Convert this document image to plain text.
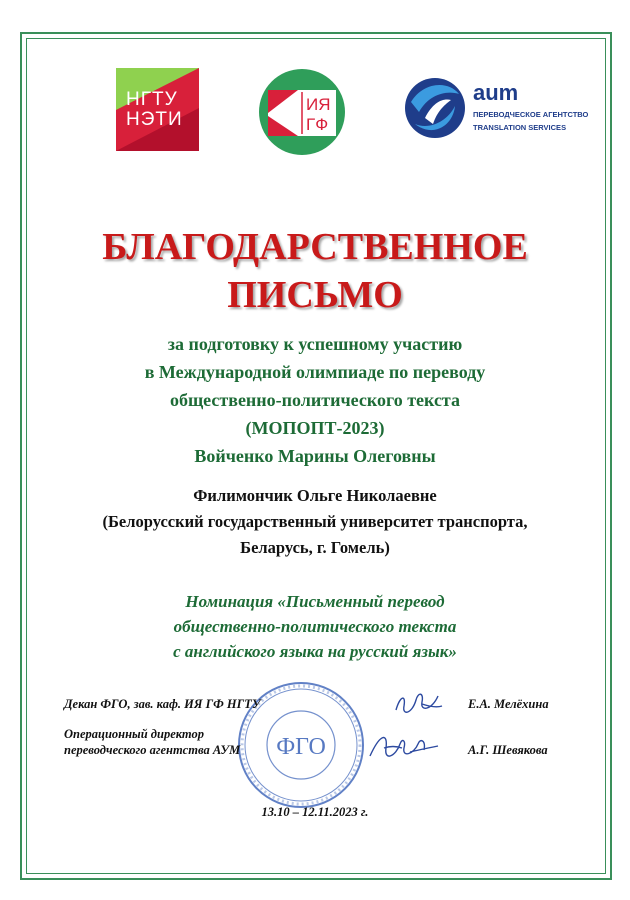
НГТУ
НЭТИ
ИЯ
ГФ
aum
ПЕРЕВОДЧЕСКОЕ АГЕНТСТВО
TRANSLATION SERVICES
БЛАГОДАРСТВЕННОЕ
ПИСЬМО
за подготовку к успешному участию
в Международной олимпиаде по переводу
общественно-политического текста
(МОПОПТ-2023)
Войченко Марины Олеговны
Филимончик Ольге Николаевне
(Белорусский государственный университет транспорта,
Беларусь, г. Гомель)
Номинация «Письменный перевод
общественно-политического текста
с английского языка на русский язык»
ФГО
Декан ФГО, зав. каф. ИЯ ГФ НГТУ	Е.А. Мелёхина
Операционный директор
переводческого агентства АУМ	А.Г. Шевякова
13.10 – 12.11.2023 г.
